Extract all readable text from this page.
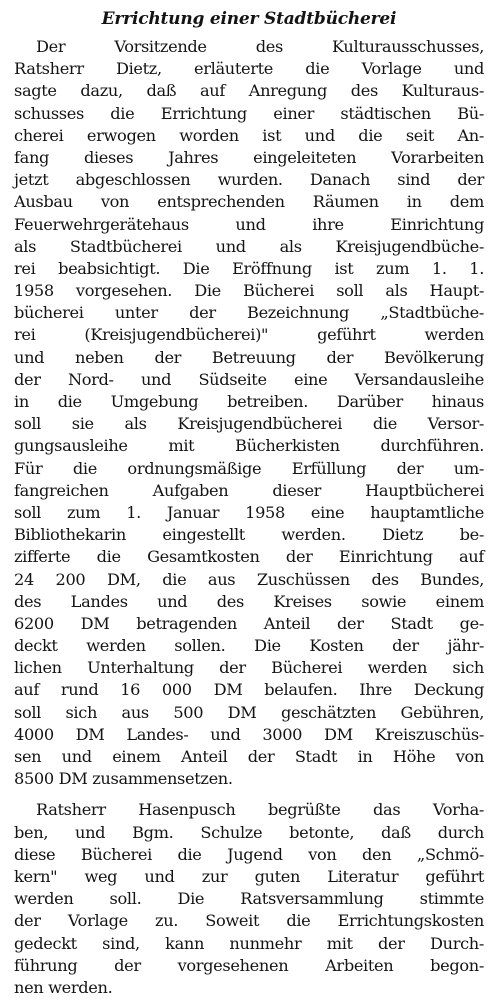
Errichtung einer Stadtbücherei

Der Vorsitzende des Kulturausschusses,
Ratsherr Dietz, erläuterte die Vorlage und
sagte dazu, daß auf Anregung des Kulturaus-
schusses die Errichtung einer städtischen Bü-
cherei erwogen worden ist und die seit An-
fang dieses Jahres eingeleiteten Vorarbeiten
jetzt abgeschlossen wurden. Danach sind der
Ausbau von entsprechenden Räumen in dem
Feuerwehrgerätehaus und ihre Einrichtung
als Stadtbücherei und als Kreisjugendbüche-
rei beabsichtigt. Die Eröffnung ist zum 1. 1.
1958 vorgesehen. Die Bücherei soll als Haupt-
bücherei unter der Bezeichnung „Stadtbüche-
rei (Kreisjugendbücherei)" geführt werden
und neben der Betreuung der Bevölkerung
der Nord- und Südseite eine Versandausleihe
in die Umgebung betreiben. Darüber hinaus
soll sie als Kreisjugendbücherei die Versor-
gungsausleihe mit Bücherkisten durchführen.
Für die ordnungsmäßige Erfüllung der um-
fangreichen Aufgaben dieser Hauptbücherei
soll zum 1. Januar 1958 eine hauptamtliche
Bibliothekarin eingestellt werden. Dietz be-
zifferte die Gesamtkosten der Einrichtung auf
24 200 DM, die aus Zuschüssen des Bundes,
des Landes und des Kreises sowie einem
6200 DM betragenden Anteil der Stadt ge-
deckt werden sollen. Die Kosten der jähr-
lichen Unterhaltung der Bücherei werden sich
auf rund 16 000 DM belaufen. Ihre Deckung
soll sich aus 500 DM geschätzten Gebühren,
4000 DM Landes- und 3000 DM Kreiszuschüs-
sen und einem Anteil der Stadt in Höhe von
8500 DM zusammensetzen.

Ratsherr Hasenpusch begrüßte das Vorha-
ben, und Bgm. Schulze betonte, daß durch
diese Bücherei die Jugend von den „Schmö-
kern" weg und zur guten Literatur geführt
werden soll. Die Ratsversammlung stimmte
der Vorlage zu. Soweit die Errichtungskosten
gedeckt sind, kann nunmehr mit der Durch-
führung der vorgesehenen Arbeiten begon-
nen werden.
